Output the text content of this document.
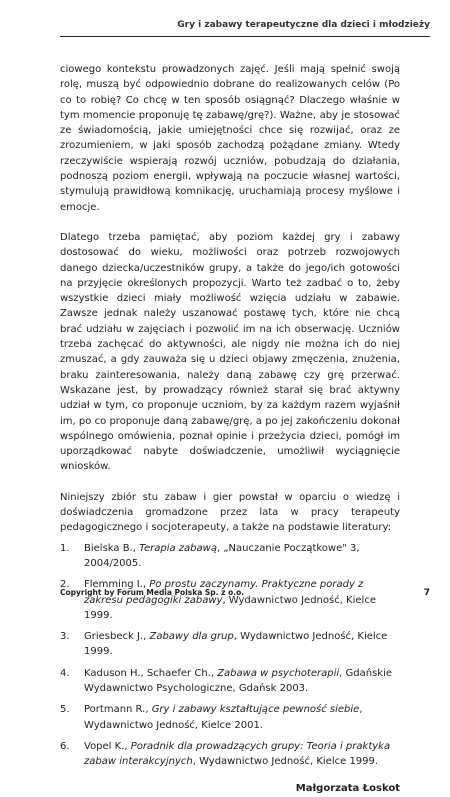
Gry i zabawy terapeutyczne dla dzieci i młodzieży

ciowego kontekstu prowadzonych zajęć. Jeśli mają spełnić swoją rolę, muszą być odpowiednio dobrane do realizowanych celów (Po co to robię? Co chcę w ten sposób osiągnąć? Dlaczego właśnie w tym momencie proponuję tę zabawę/grę?). Ważne, aby je stosować ze świadomością, jakie umiejętności chce się rozwijać, oraz ze zrozumieniem, w jaki sposób zachodzą pożądane zmiany. Wtedy rzeczywiście wspierają rozwój uczniów, pobudzają do działania, podnoszą poziom energii, wpływają na poczucie własnej wartości, stymulują prawidłową komnikację, uruchamiają procesy myślowe i emocje.

Dlatego trzeba pamiętać, aby poziom każdej gry i zabawy dostosować do wieku, możliwości oraz potrzeb rozwojowych danego dziecka/uczestników grupy, a także do jego/ich gotowości na przyjęcie określonych propozycji. Warto też zadbać o to, żeby wszystkie dzieci miały możliwość wzięcia udziału w zabawie. Zawsze jednak należy uszanować postawę tych, które nie chcą brać udziału w zajęciach i pozwolić im na ich obserwację. Uczniów trzeba zachęcać do aktywności, ale nigdy nie można ich do niej zmuszać, a gdy zauważa się u dzieci objawy zmęczenia, znużenia, braku zainteresowania, należy daną zabawę czy grę przerwać. Wskazane jest, by prowadzący również starał się brać aktywny udział w tym, co proponuje uczniom, by za każdym razem wyjaśnił im, po co proponuje daną zabawę/grę, a po jej zakończeniu dokonał wspólnego omówienia, poznał opinie i przeżycia dzieci, pomógł im uporządkować nabyte doświadczenie, umożliwił wyciągnięcie wniosków.

Niniejszy zbiór stu zabaw i gier powstał w oparciu o wiedzę i doświadczenia gromadzone przez lata w pracy terapeuty pedagogicznego i socjoterapeuty, a także na podstawie literatury:

1. Bielska B., Terapia zabawą, „Nauczanie Początkowe" 3, 2004/2005.
2. Flemming I., Po prostu zaczynamy. Praktyczne porady z zakresu pedagogiki zabawy, Wydawnictwo Jedność, Kielce 1999.
3. Griesbeck J., Zabawy dla grup, Wydawnictwo Jedność, Kielce 1999.
4. Kaduson H., Schaefer Ch., Zabawa w psychoterapii, Gdańskie Wydawnictwo Psychologiczne, Gdańsk 2003.
5. Portmann R., Gry i zabawy kształtujące pewność siebie, Wydawnictwo Jedność, Kielce 2001.
6. Vopel K., Poradnik dla prowadzących grupy: Teoria i praktyka zabaw interakcyjnych, Wydawnictwo Jedność, Kielce 1999.
Małgorzata Łoskot
Copyright by Forum Media Polska Sp. z o.o.	7
